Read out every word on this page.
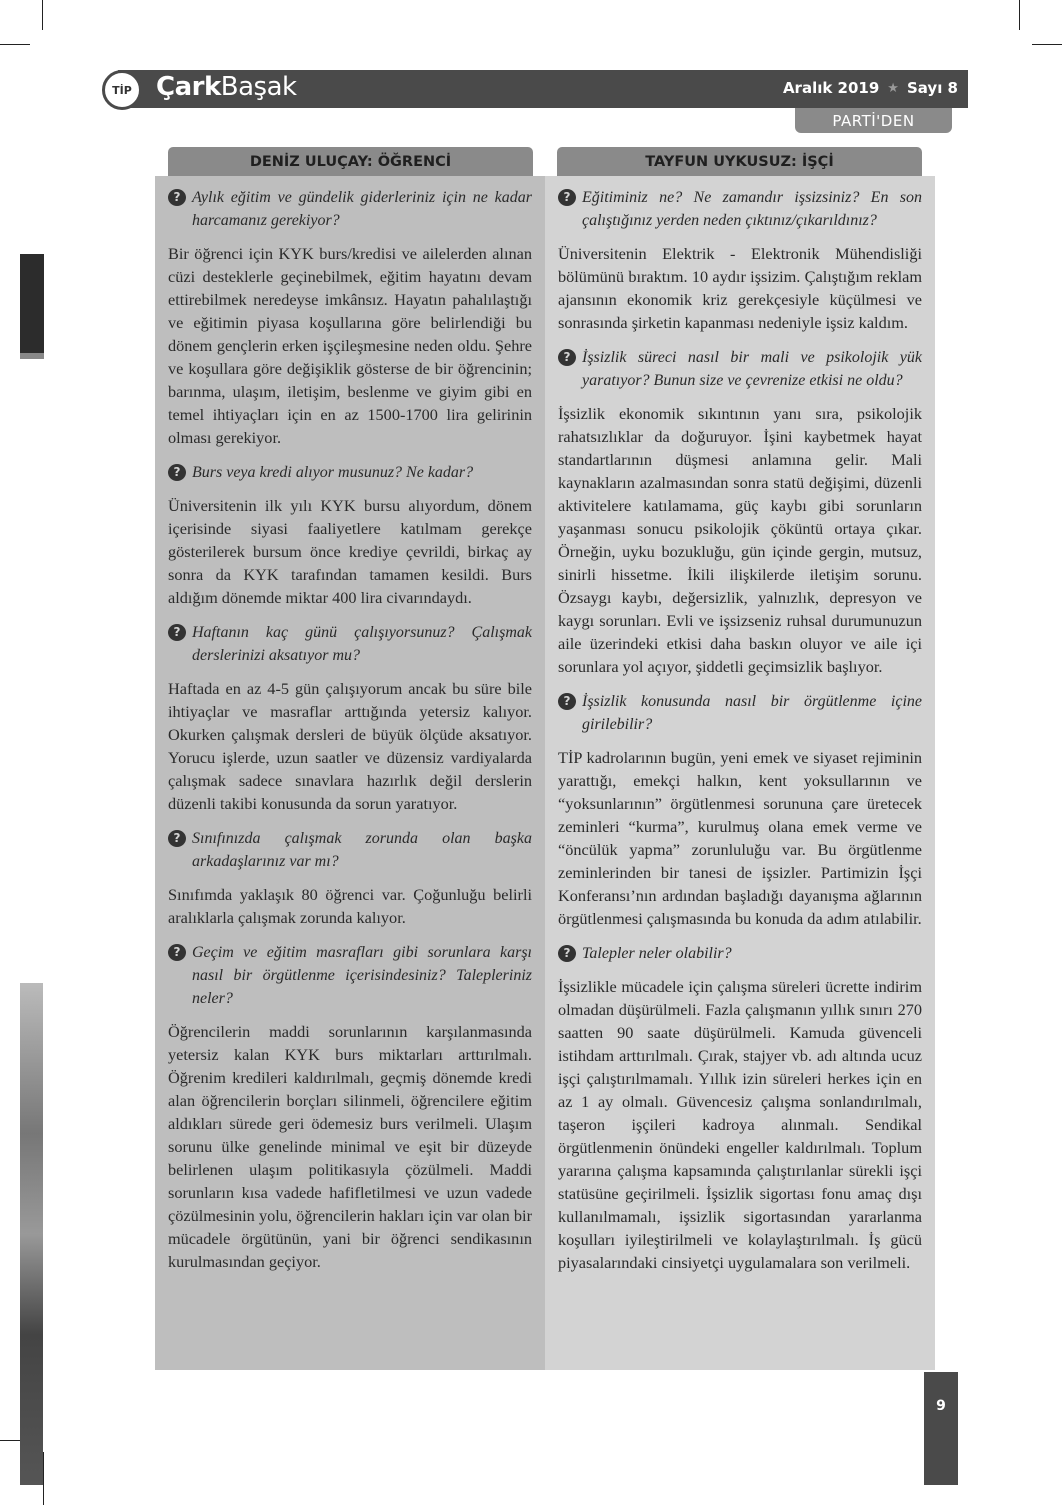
TİP ÇarkBaşak	Aralık 2019 ★ Sayı 8
PARTİ'DEN
DENİZ ULUÇAY: ÖĞRENCİ	TAYFUN UYKUSUZ: İŞÇİ
? Aylık eğitim ve gündelik giderleriniz için ne kadar harcamanız gerekiyor?

Bir öğrenci için KYK burs/kredisi ve ailelerden alınan cüzi desteklerle geçinebilmek, eğitim hayatını devam ettirebilmek neredeyse imkânsız. Hayatın pahalılaştığı ve eğitimin piyasa koşullarına göre belirlendiği bu dönem gençlerin erken işçileşmesine neden oldu. Şehre ve koşullara göre değişiklik gösterse de bir öğrencinin; barınma, ulaşım, iletişim, beslenme ve giyim gibi en temel ihtiyaçları için en az 1500-1700 lira gelirinin olması gerekiyor.

? Burs veya kredi alıyor musunuz? Ne kadar?

Üniversitenin ilk yılı KYK bursu alıyordum, dönem içerisinde siyasi faaliyetlere katılmam gerekçe gösterilerek bursum önce krediye çevrildi, birkaç ay sonra da KYK tarafından tamamen kesildi. Burs aldığım dönemde miktar 400 lira civarındaydı.

? Haftanın kaç günü çalışıyorsunuz? Çalışmak derslerinizi aksatıyor mu?

Haftada en az 4-5 gün çalışıyorum ancak bu süre bile ihtiyaçlar ve masraflar arttığında yetersiz kalıyor. Okurken çalışmak dersleri de büyük ölçüde aksatıyor. Yorucu işlerde, uzun saatler ve düzensiz vardiyalarda çalışmak sadece sınavlara hazırlık değil derslerin düzenli takibi konusunda da sorun yaratıyor.

? Sınıfınızda çalışmak zorunda olan başka arkadaşlarınız var mı?

Sınıfımda yaklaşık 80 öğrenci var. Çoğunluğu belirli aralıklarla çalışmak zorunda kalıyor.

? Geçim ve eğitim masrafları gibi sorunlara karşı nasıl bir örgütlenme içerisindesiniz? Talepleriniz neler?

Öğrencilerin maddi sorunlarının karşılanmasında yetersiz kalan KYK burs miktarları arttırılmalı. Öğrenim kredileri kaldırılmalı, geçmiş dönemde kredi alan öğrencilerin borçları silinmeli, öğrencilere eğitim aldıkları sürede geri ödemesiz burs verilmeli. Ulaşım sorunu ülke genelinde minimal ve eşit bir düzeyde belirlenen ulaşım politikasıyla çözülmeli. Maddi sorunların kısa vadede hafifletilmesi ve uzun vadede çözülmesinin yolu, öğrencilerin hakları için var olan bir mücadele örgütünün, yani bir öğrenci sendikasının kurulmasından geçiyor.

? Eğitiminiz ne? Ne zamandır işsizsiniz? En son çalıştığınız yerden neden çıktınız/çıkarıldınız?

Üniversitenin Elektrik - Elektronik Mühendisliği bölümünü bıraktım. 10 aydır işsizim. Çalıştığım reklam ajansının ekonomik kriz gerekçesiyle küçülmesi ve sonrasında şirketin kapanması nedeniyle işsiz kaldım.

? İşsizlik süreci nasıl bir mali ve psikolojik yük yaratıyor? Bunun size ve çevrenize etkisi ne oldu?

İşsizlik ekonomik sıkıntının yanı sıra, psikolojik rahatsızlıklar da doğuruyor. İşini kaybetmek hayat standartlarının düşmesi anlamına gelir. Mali kaynakların azalmasından sonra statü değişimi, düzenli aktivitelere katılamama, güç kaybı gibi sorunların yaşanması sonucu psikolojik çöküntü ortaya çıkar. Örneğin, uyku bozukluğu, gün içinde gergin, mutsuz, sinirli hissetme. İkili ilişkilerde iletişim sorunu. Özsaygı kaybı, değersizlik, yalnızlık, depresyon ve kaygı sorunları. Evli ve işsizseniz ruhsal durumunuzun aile üzerindeki etkisi daha baskın oluyor ve aile içi sorunlara yol açıyor, şiddetli geçimsizlik başlıyor.

? İşsizlik konusunda nasıl bir örgütlenme içine girilebilir?

TİP kadrolarının bugün, yeni emek ve siyaset rejiminin yarattığı, emekçi halkın, kent yoksullarının ve “yoksunlarının” örgütlenmesi sorununa çare üretecek zeminleri “kurma”, kurulmuş olana emek verme ve “öncülük yapma” zorunluluğu var. Bu örgütlenme zeminlerinden bir tanesi de işsizler. Partimizin İşçi Konferansı’nın ardından başladığı dayanışma ağlarının örgütlenmesi çalışmasında bu konuda da adım atılabilir.

? Talepler neler olabilir?

İşsizlikle mücadele için çalışma süreleri ücrette indirim olmadan düşürülmeli. Fazla çalışmanın yıllık sınırı 270 saatten 90 saate düşürülmeli. Kamuda güvenceli istihdam arttırılmalı. Çırak, stajyer vb. adı altında ucuz işçi çalıştırılmamalı. Yıllık izin süreleri herkes için en az 1 ay olmalı. Güvencesiz çalışma sonlandırılmalı, taşeron işçileri kadroya alınmalı. Sendikal örgütlenmenin önündeki engeller kaldırılmalı. Toplum yararına çalışma kapsamında çalıştırılanlar sürekli işçi statüsüne geçirilmeli. İşsizlik sigortası fonu amaç dışı kullanılmamalı, işsizlik sigortasından yararlanma koşulları iyileştirilmeli ve kolaylaştırılmalı. İş gücü piyasalarındaki cinsiyetçi uygulamalara son verilmeli.

9
